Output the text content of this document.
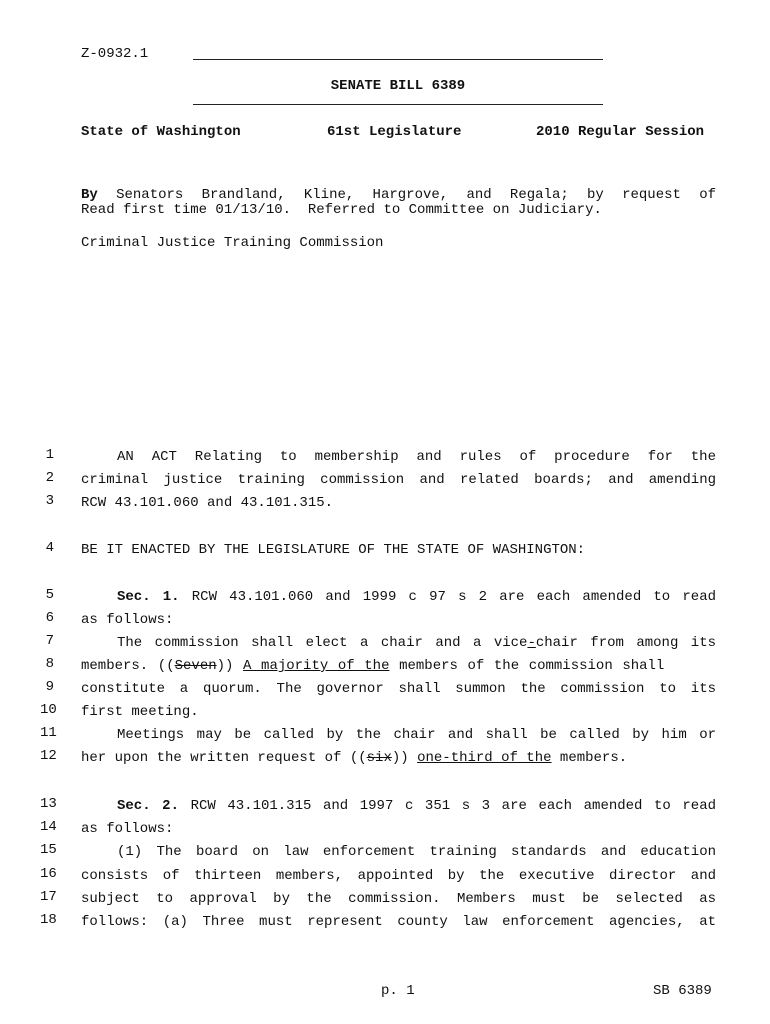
Z-0932.1
SENATE BILL 6389
State of Washington	61st Legislature	2010 Regular Session

By Senators Brandland, Kline, Hargrove, and Regala; by request of

Criminal Justice Training Commission

Read first time 01/13/10.  Referred to Committee on Judiciary.
1	AN ACT Relating to membership and rules of procedure for the
2 criminal justice training commission and related boards; and amending
3 RCW 43.101.060 and 43.101.315.
4 BE IT ENACTED BY THE LEGISLATURE OF THE STATE OF WASHINGTON:
5	Sec. 1. RCW 43.101.060 and 1999 c 97 s 2 are each amended to read
6 as follows:
7	The commission shall elect a chair and a vice-chair from among its
8 members. ((Seven)) A majority of the members of the commission shall
9 constitute a quorum. The governor shall summon the commission to its
10 first meeting.
11	Meetings may be called by the chair and shall be called by him or
12 her upon the written request of ((six)) one-third of the members.
13	Sec. 2. RCW 43.101.315 and 1997 c 351 s 3 are each amended to read
14 as follows:
15	(1) The board on law enforcement training standards and education
16 consists of thirteen members, appointed by the executive director and
17 subject to approval by the commission. Members must be selected as
18 follows: (a) Three must represent county law enforcement agencies, at
p. 1	SB 6389
